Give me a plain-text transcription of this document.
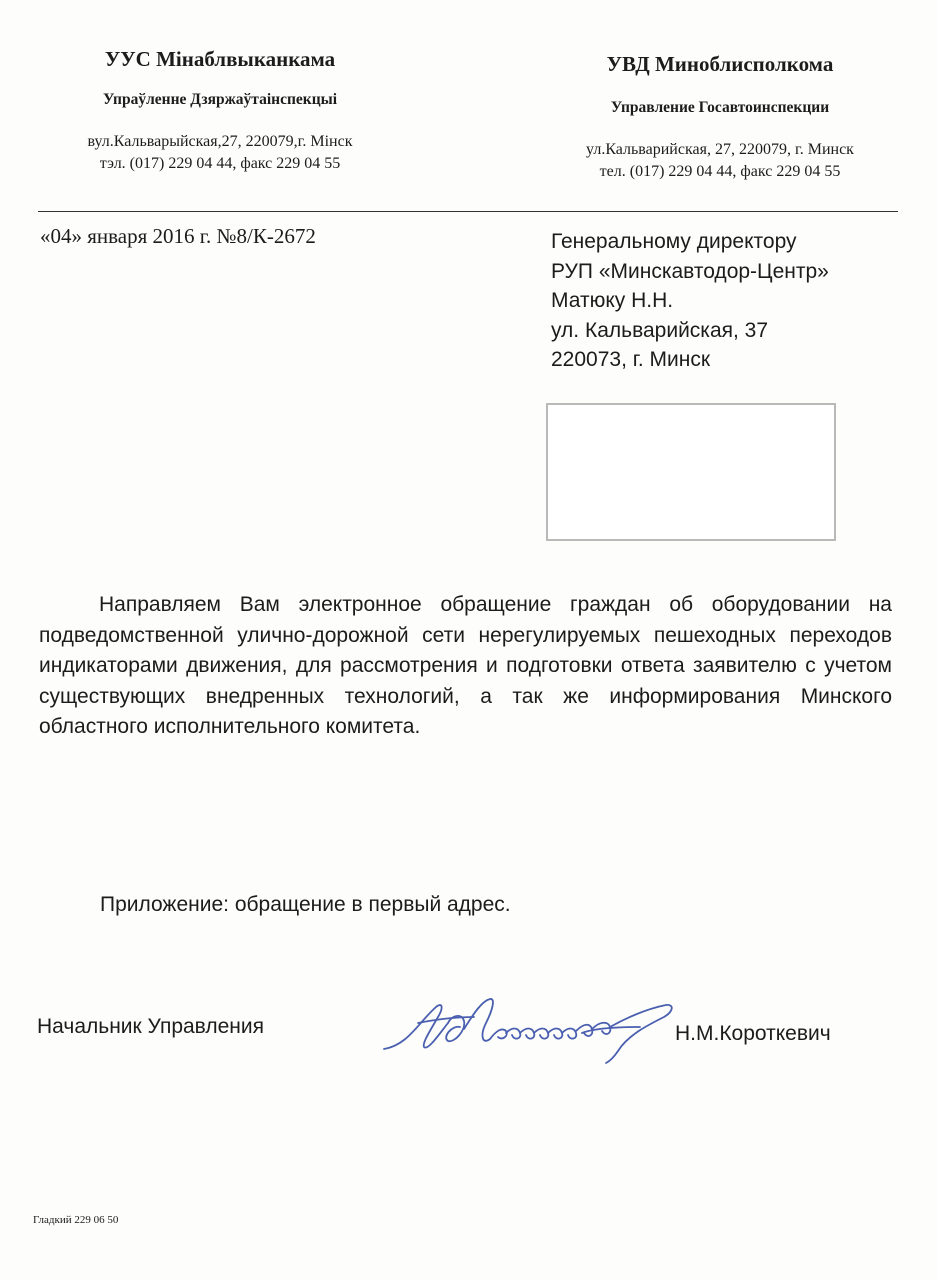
УУС Мінаблвыканкама
Упраўленне Дзяржаўтаінспекцыі
вул.Кальварыйская,27, 220079,г. Мінск
тэл. (017) 229 04 44, факс 229 04 55
УВД Миноблисполкома
Управление Госавтоинспекции
ул.Кальварийская, 27, 220079, г. Минск
тел. (017) 229 04 44, факс 229 04 55
«04» января 2016 г. №8/К-2672	Генеральному директору
РУП «Минскавтодор-Центр»
Матюку Н.Н.
ул. Кальварийская, 37
220073, г. Минск
Направляем Вам электронное обращение граждан об оборудовании на подведомственной улично-дорожной сети нерегулируемых пешеходных переходов индикаторами движения, для рассмотрения и подготовки ответа заявителю с учетом существующих внедренных технологий, а так же информирования Минского областного исполнительного комитета.
Приложение: обращение в первый адрес.
Начальник Управления	Н.М.Короткевич
Гладкий 229 06 50
